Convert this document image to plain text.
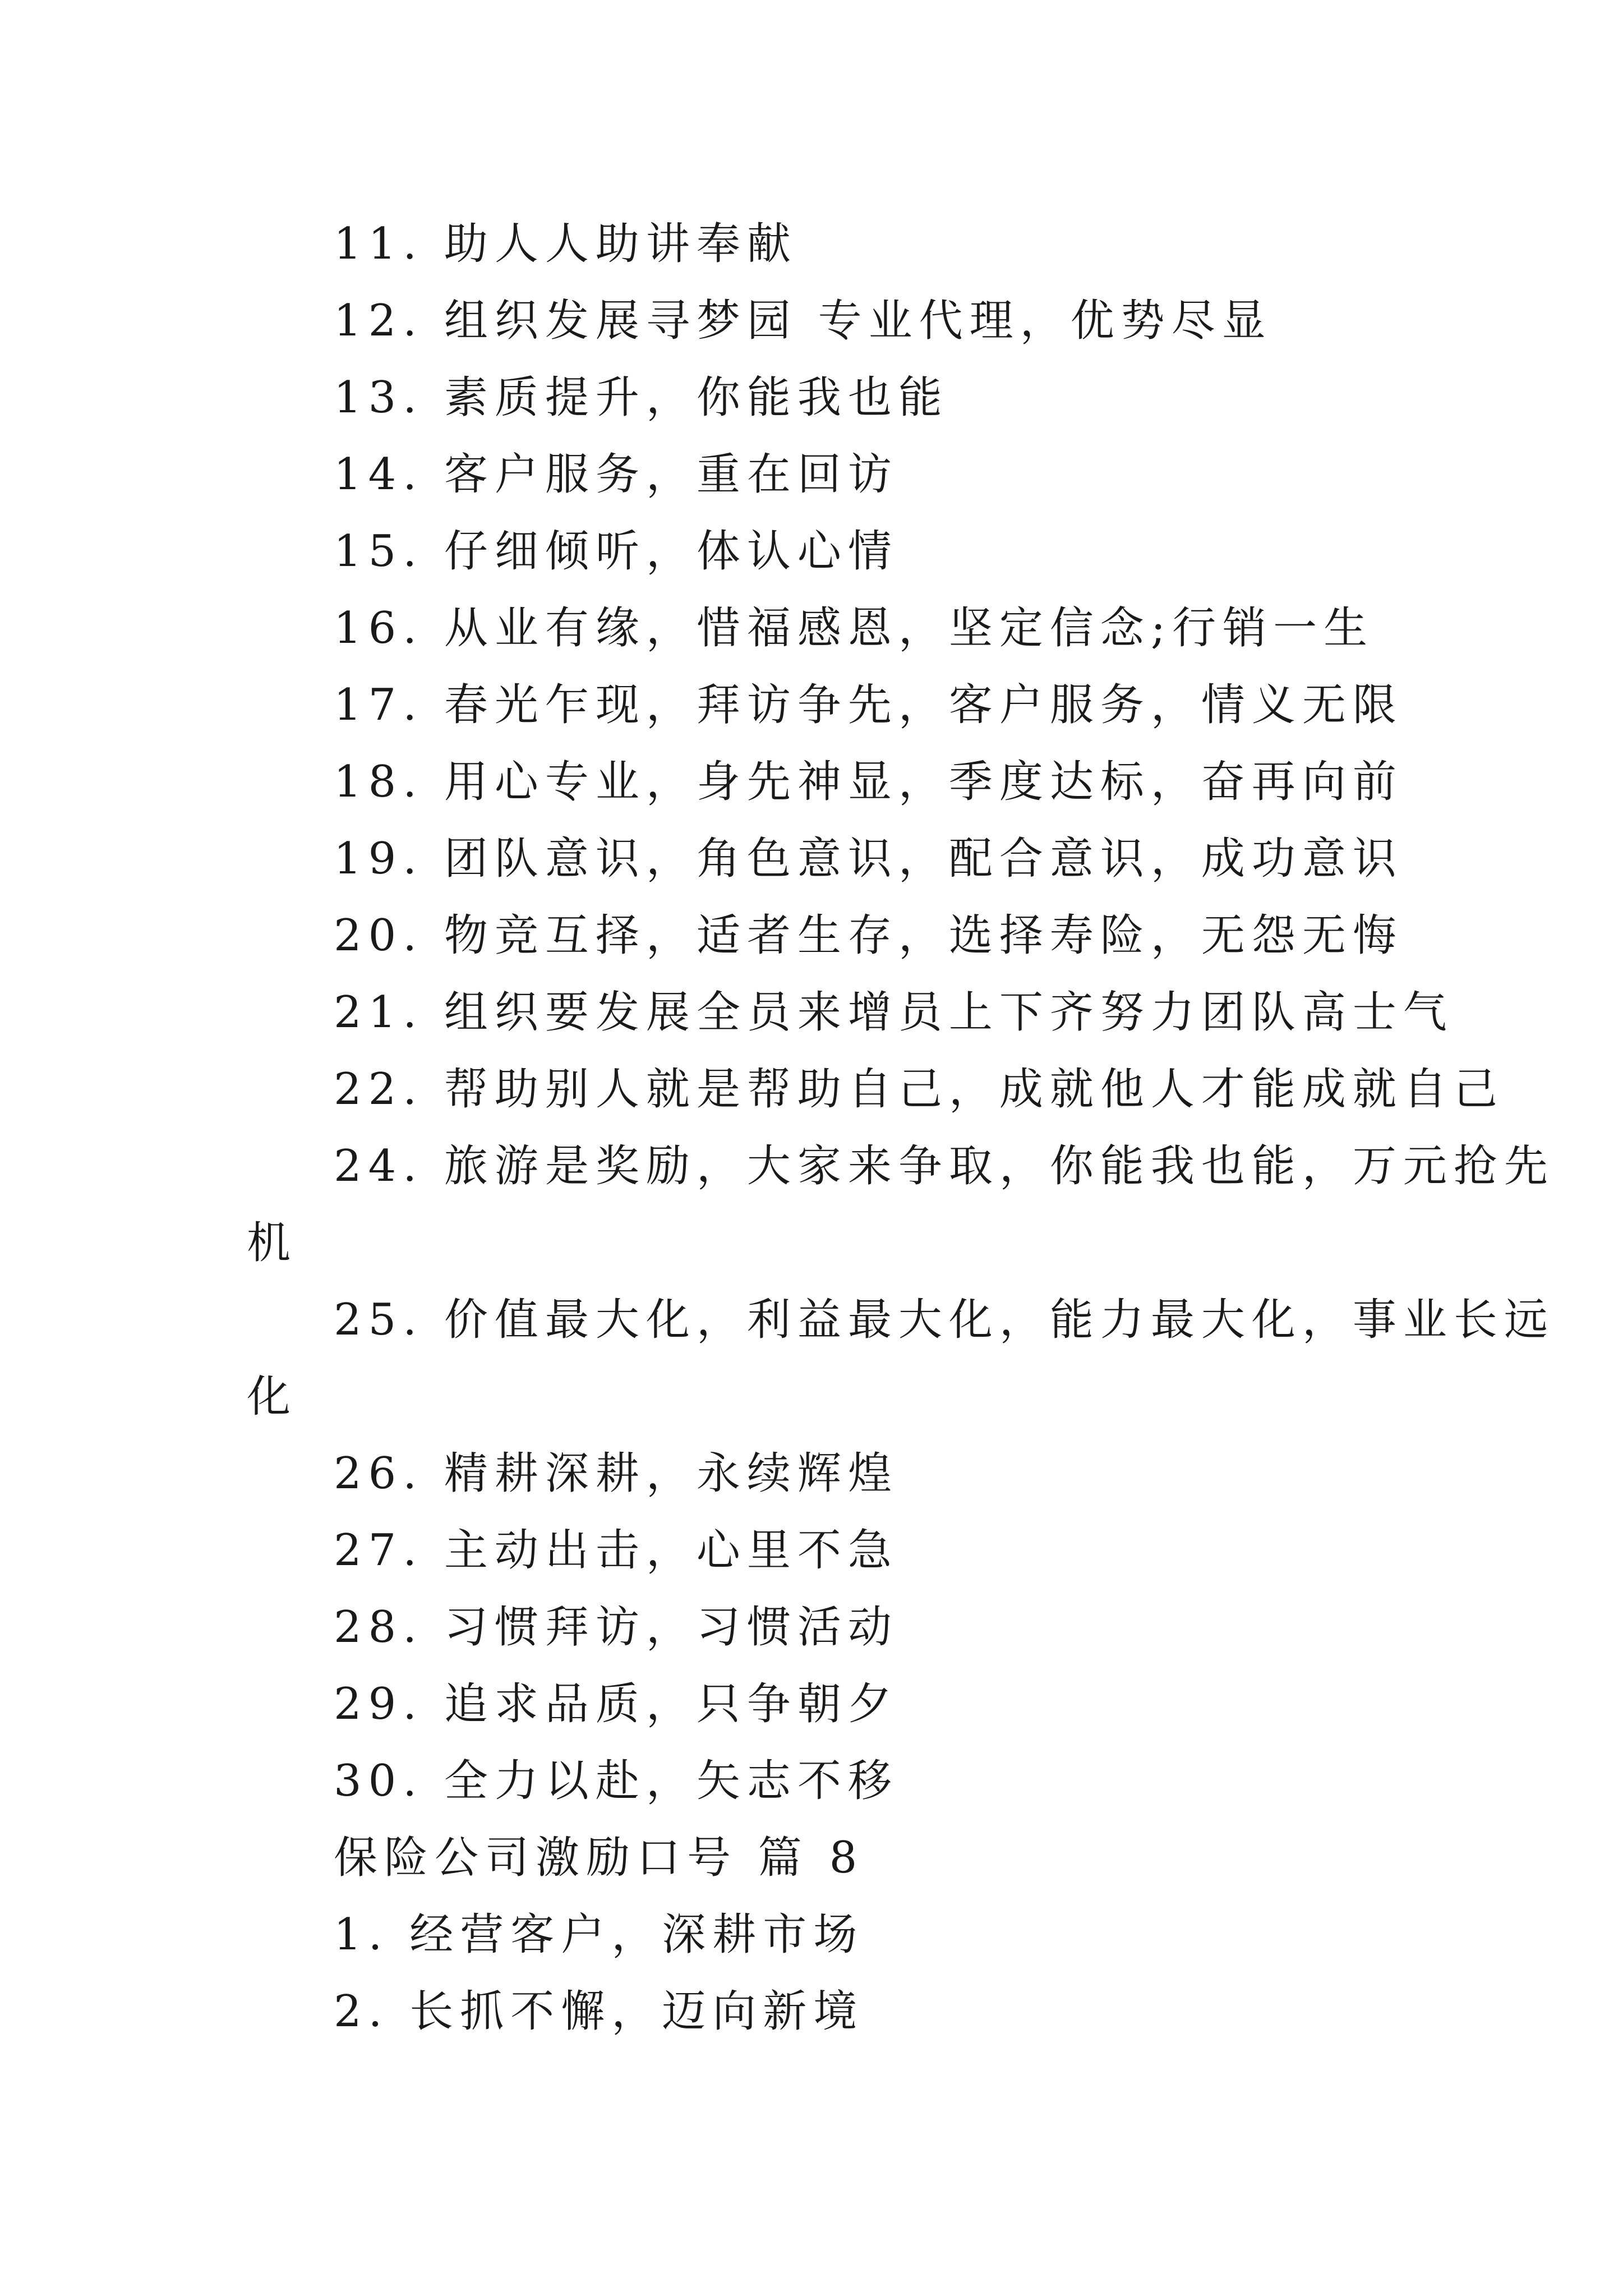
11. 助人人助讲奉献
12. 组织发展寻梦园 专业代理，优势尽显
13. 素质提升，你能我也能
14. 客户服务，重在回访
15. 仔细倾听，体认心情
16. 从业有缘，惜福感恩，坚定信念;行销一生
17. 春光乍现，拜访争先，客户服务，情义无限
18. 用心专业，身先神显，季度达标，奋再向前
19. 团队意识，角色意识，配合意识，成功意识
20. 物竞互择，适者生存，选择寿险，无怨无悔
21. 组织要发展全员来增员上下齐努力团队高士气
22. 帮助别人就是帮助自己，成就他人才能成就自己
24. 旅游是奖励，大家来争取，你能我也能，万元抢先
机
25. 价值最大化，利益最大化，能力最大化，事业长远
化
26. 精耕深耕，永续辉煌
27. 主动出击，心里不急
28. 习惯拜访，习惯活动
29. 追求品质，只争朝夕
30. 全力以赴，矢志不移
保险公司激励口号 篇 8
1. 经营客户，深耕市场
2. 长抓不懈，迈向新境
